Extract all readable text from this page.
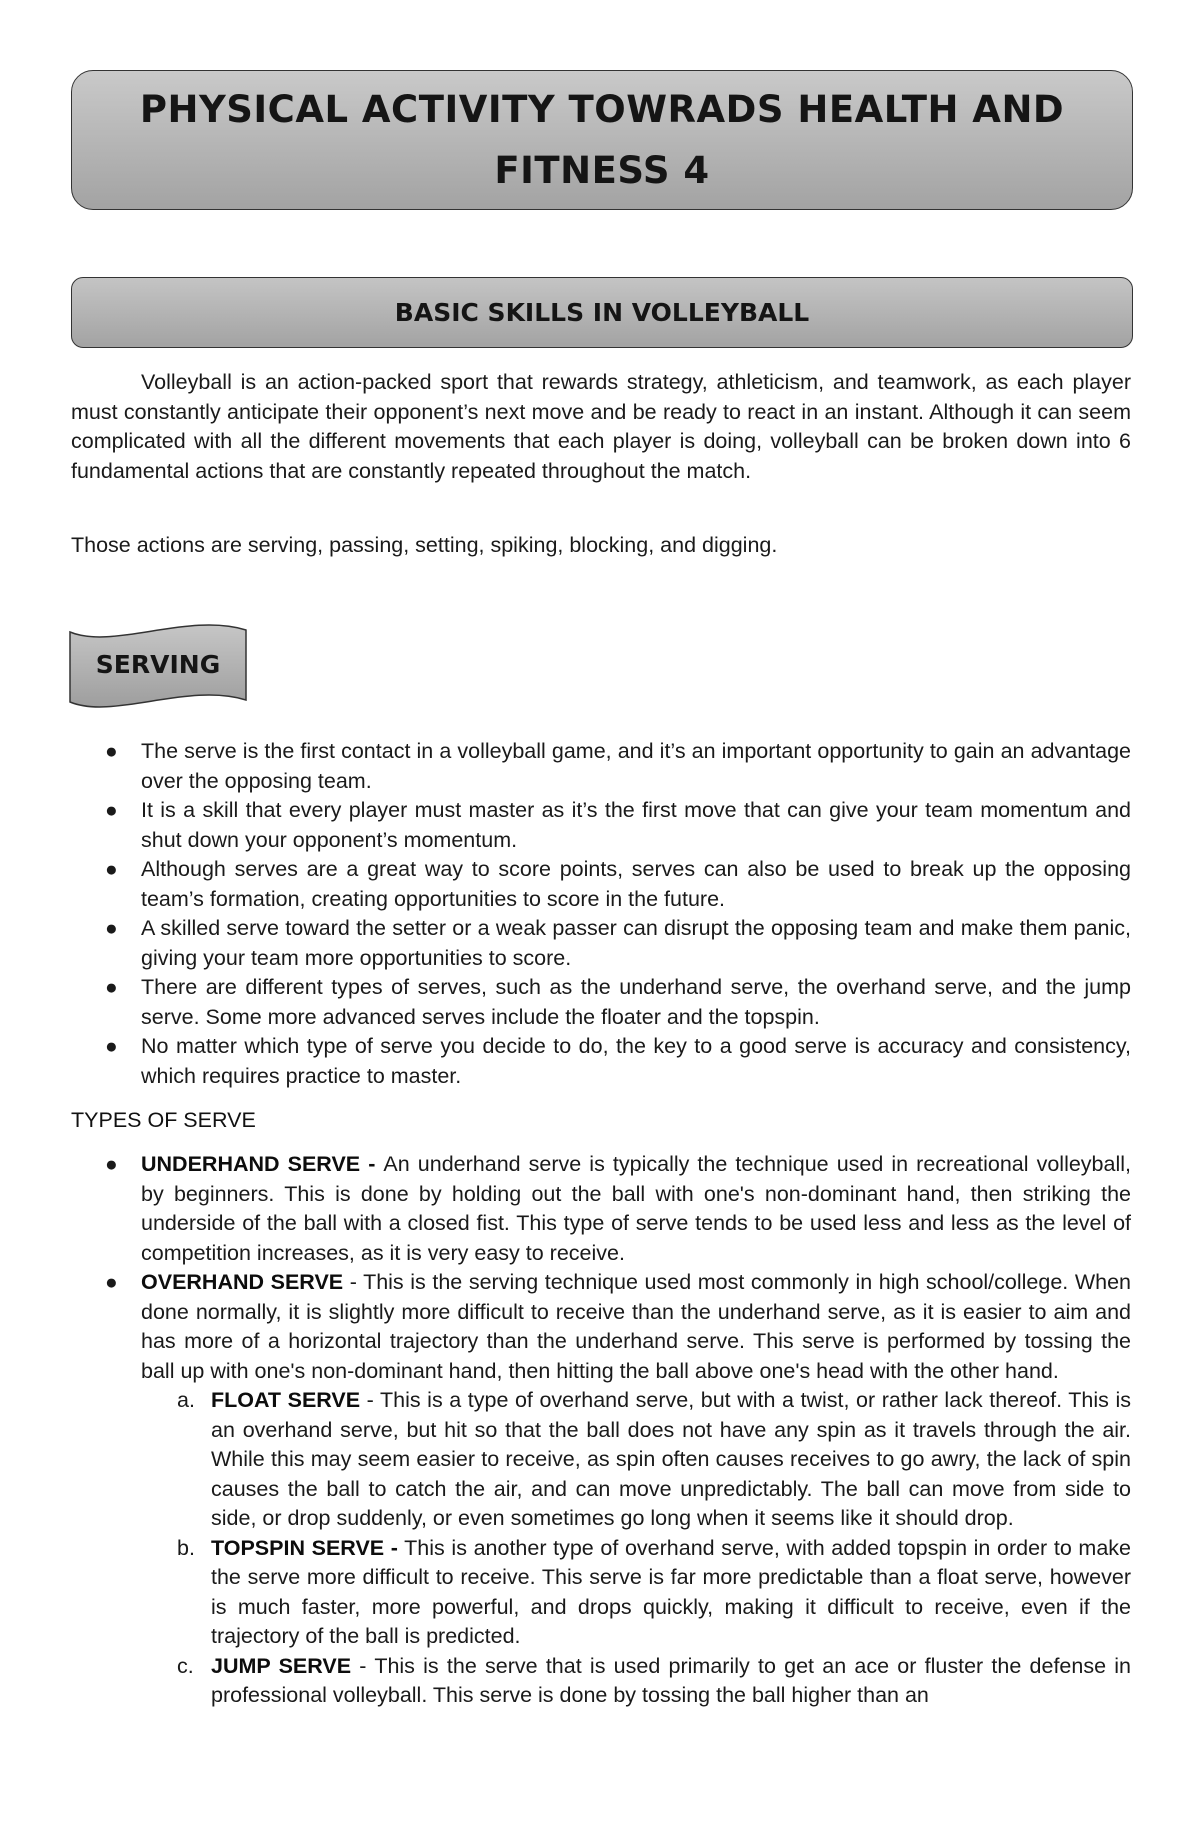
PHYSICAL ACTIVITY TOWRADS HEALTH AND FITNESS 4
BASIC SKILLS IN VOLLEYBALL

Volleyball is an action-packed sport that rewards strategy, athleticism, and teamwork, as each player must constantly anticipate their opponent’s next move and be ready to react in an instant. Although it can seem complicated with all the different movements that each player is doing, volleyball can be broken down into 6 fundamental actions that are constantly repeated throughout the match.

Those actions are serving, passing, setting, spiking, blocking, and digging.

SERVING
● The serve is the first contact in a volleyball game, and it’s an important opportunity to gain an advantage over the opposing team.
● It is a skill that every player must master as it’s the first move that can give your team momentum and shut down your opponent’s momentum.
● Although serves are a great way to score points, serves can also be used to break up the opposing team’s formation, creating opportunities to score in the future.
● A skilled serve toward the setter or a weak passer can disrupt the opposing team and make them panic, giving your team more opportunities to score.
● There are different types of serves, such as the underhand serve, the overhand serve, and the jump serve. Some more advanced serves include the floater and the topspin.
● No matter which type of serve you decide to do, the key to a good serve is accuracy and consistency, which requires practice to master.

TYPES OF SERVE

● UNDERHAND SERVE - An underhand serve is typically the technique used in recreational volleyball, by beginners. This is done by holding out the ball with one's non-dominant hand, then striking the underside of the ball with a closed fist. This type of serve tends to be used less and less as the level of competition increases, as it is very easy to receive.
● OVERHAND SERVE - This is the serving technique used most commonly in high school/college. When done normally, it is slightly more difficult to receive than the underhand serve, as it is easier to aim and has more of a horizontal trajectory than the underhand serve. This serve is performed by tossing the ball up with one's non-dominant hand, then hitting the ball above one's head with the other hand.
a. FLOAT SERVE - This is a type of overhand serve, but with a twist, or rather lack thereof. This is an overhand serve, but hit so that the ball does not have any spin as it travels through the air. While this may seem easier to receive, as spin often causes receives to go awry, the lack of spin causes the ball to catch the air, and can move unpredictably. The ball can move from side to side, or drop suddenly, or even sometimes go long when it seems like it should drop.
b. TOPSPIN SERVE - This is another type of overhand serve, with added topspin in order to make the serve more difficult to receive. This serve is far more predictable than a float serve, however is much faster, more powerful, and drops quickly, making it difficult to receive, even if the trajectory of the ball is predicted.
c. JUMP SERVE - This is the serve that is used primarily to get an ace or fluster the defense in professional volleyball. This serve is done by tossing the ball higher than an
